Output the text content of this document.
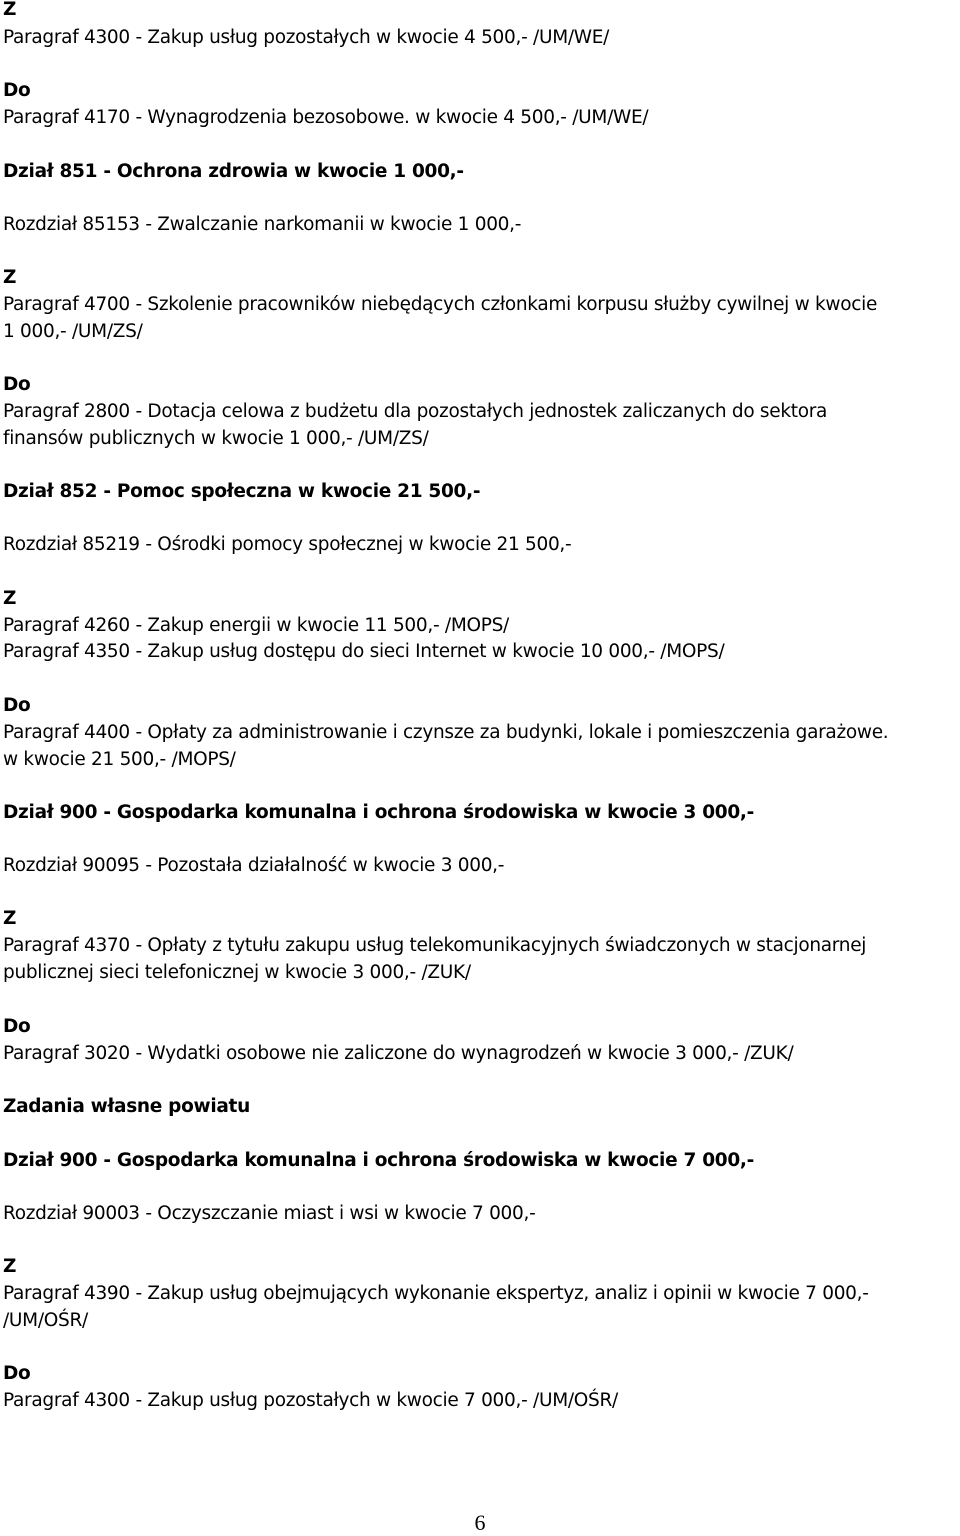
Z
Paragraf 4300 - Zakup usług pozostałych w kwocie 4 500,- /UM/WE/
Do
Paragraf 4170 - Wynagrodzenia bezosobowe. w kwocie 4 500,- /UM/WE/
Dział 851 - Ochrona zdrowia w kwocie 1 000,-
Rozdział 85153 - Zwalczanie narkomanii w kwocie 1 000,-
Z
Paragraf 4700 - Szkolenie pracowników niebędących członkami korpusu służby cywilnej w kwocie
1 000,- /UM/ZS/
Do
Paragraf 2800 - Dotacja celowa z budżetu dla pozostałych jednostek zaliczanych do sektora
finansów publicznych w kwocie 1 000,- /UM/ZS/
Dział 852 - Pomoc społeczna w kwocie 21 500,-
Rozdział 85219 - Ośrodki pomocy społecznej w kwocie 21 500,-
Z
Paragraf 4260 - Zakup energii w kwocie 11 500,- /MOPS/
Paragraf 4350 - Zakup usług dostępu do sieci Internet w kwocie 10 000,- /MOPS/
Do
Paragraf 4400 - Opłaty za administrowanie i czynsze za budynki, lokale i pomieszczenia garażowe.
w kwocie 21 500,- /MOPS/
Dział 900 - Gospodarka komunalna i ochrona środowiska w kwocie 3 000,-
Rozdział 90095 - Pozostała działalność w kwocie 3 000,-
Z
Paragraf 4370 - Opłaty z tytułu zakupu usług telekomunikacyjnych świadczonych w stacjonarnej
publicznej sieci telefonicznej w kwocie 3 000,- /ZUK/
Do
Paragraf 3020 - Wydatki osobowe nie zaliczone do wynagrodzeń w kwocie 3 000,- /ZUK/
Zadania własne powiatu
Dział 900 - Gospodarka komunalna i ochrona środowiska w kwocie 7 000,-
Rozdział 90003 - Oczyszczanie miast i wsi w kwocie 7 000,-
Z
Paragraf 4390 - Zakup usług obejmujących wykonanie ekspertyz, analiz i opinii w kwocie 7 000,-
/UM/OŚR/
Do
Paragraf 4300 - Zakup usług pozostałych w kwocie 7 000,- /UM/OŚR/
6
